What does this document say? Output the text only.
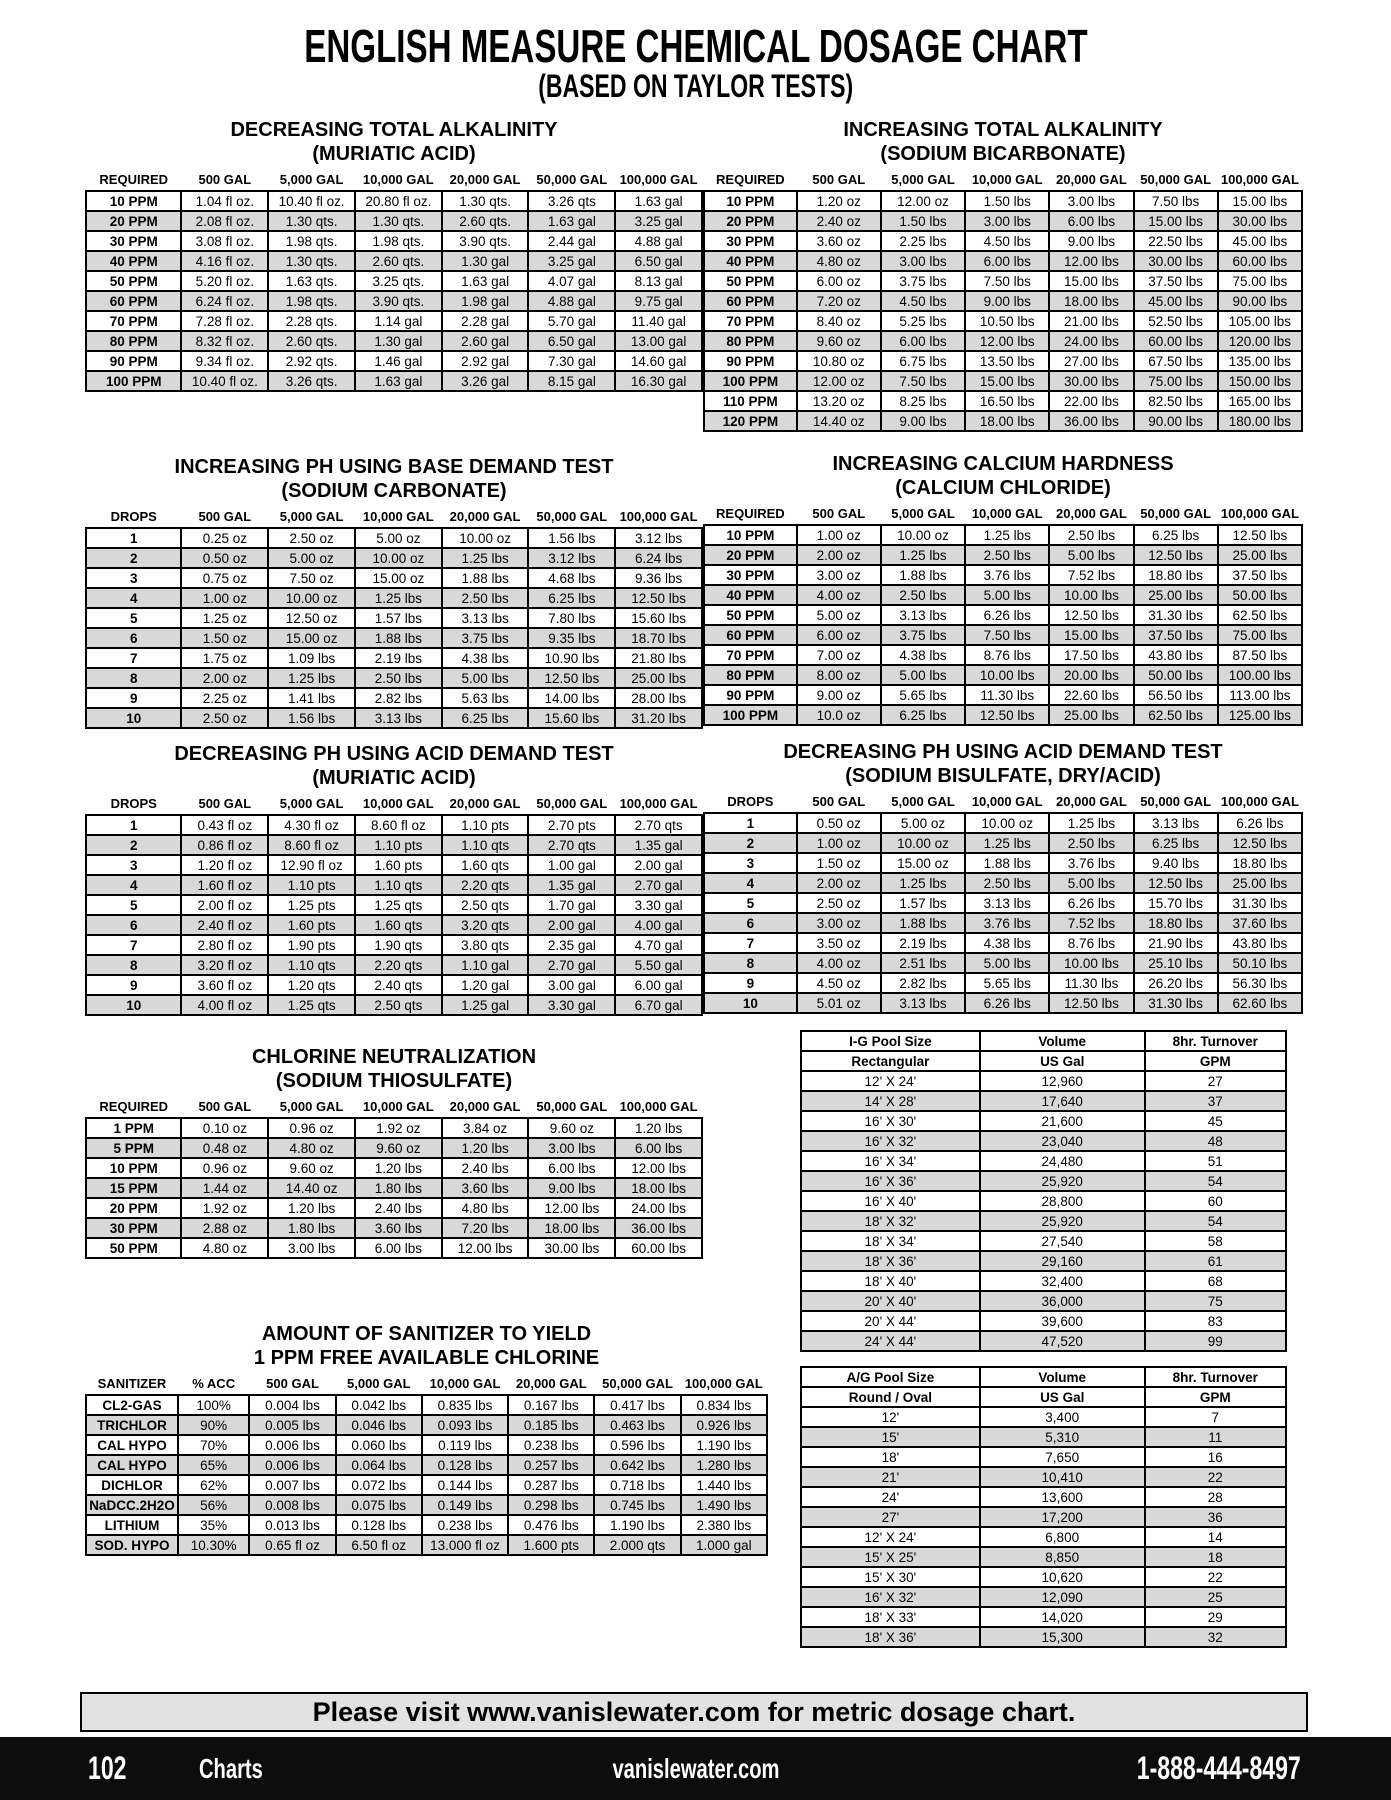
ENGLISH MEASURE CHEMICAL DOSAGE CHART
(BASED ON TAYLOR TESTS)
DECREASING TOTAL ALKALINITY
(MURIATIC ACID)
REQUIRED	500 GAL	5,000 GAL	10,000 GAL	20,000 GAL	50,000 GAL	100,000 GAL
10 PPM	1.04 fl oz.	10.40 fl oz.	20.80 fl oz.	1.30 qts.	3.26 qts	1.63 gal
20 PPM	2.08 fl oz.	1.30 qts.	1.30 qts.	2.60 qts.	1.63 gal	3.25 gal
30 PPM	3.08 fl oz.	1.98 qts.	1.98 qts.	3.90 qts.	2.44 gal	4.88 gal
40 PPM	4.16 fl oz.	1.30 qts.	2.60 qts.	1.30 gal	3.25 gal	6.50 gal
50 PPM	5.20 fl oz.	1.63 qts.	3.25 qts.	1.63 gal	4.07 gal	8.13 gal
60 PPM	6.24 fl oz.	1.98 qts.	3.90 qts.	1.98 gal	4.88 gal	9.75 gal
70 PPM	7.28 fl oz.	2.28 qts.	1.14 gal	2.28 gal	5.70 gal	11.40 gal
80 PPM	8.32 fl oz.	2.60 qts.	1.30 gal	2.60 gal	6.50 gal	13.00 gal
90 PPM	9.34 fl oz.	2.92 qts.	1.46 gal	2.92 gal	7.30 gal	14.60 gal
100 PPM	10.40 fl oz.	3.26 qts.	1.63 gal	3.26 gal	8.15 gal	16.30 gal
INCREASING PH USING BASE DEMAND TEST
(SODIUM CARBONATE)
DROPS	500 GAL	5,000 GAL	10,000 GAL	20,000 GAL	50,000 GAL	100,000 GAL
1	0.25 oz	2.50 oz	5.00 oz	10.00 oz	1.56 lbs	3.12 lbs
2	0.50 oz	5.00 oz	10.00 oz	1.25 lbs	3.12 lbs	6.24 lbs
3	0.75 oz	7.50 oz	15.00 oz	1.88 lbs	4.68 lbs	9.36 lbs
4	1.00 oz	10.00 oz	1.25 lbs	2.50 lbs	6.25 lbs	12.50 lbs
5	1.25 oz	12.50 oz	1.57 lbs	3.13 lbs	7.80 lbs	15.60 lbs
6	1.50 oz	15.00 oz	1.88 lbs	3.75 lbs	9.35 lbs	18.70 lbs
7	1.75 oz	1.09 lbs	2.19 lbs	4.38 lbs	10.90 lbs	21.80 lbs
8	2.00 oz	1.25 lbs	2.50 lbs	5.00 lbs	12.50 lbs	25.00 lbs
9	2.25 oz	1.41 lbs	2.82 lbs	5.63 lbs	14.00 lbs	28.00 lbs
10	2.50 oz	1.56 lbs	3.13 lbs	6.25 lbs	15.60 lbs	31.20 lbs
DECREASING PH USING ACID DEMAND TEST
(MURIATIC ACID)
DROPS	500 GAL	5,000 GAL	10,000 GAL	20,000 GAL	50,000 GAL	100,000 GAL
1	0.43 fl oz	4.30 fl oz	8.60 fl oz	1.10 pts	2.70 pts	2.70 qts
2	0.86 fl oz	8.60 fl oz	1.10 pts	1.10 qts	2.70 qts	1.35 gal
3	1.20 fl oz	12.90 fl oz	1.60 pts	1.60 qts	1.00 gal	2.00 gal
4	1.60 fl oz	1.10 pts	1.10 qts	2.20 qts	1.35 gal	2.70 gal
5	2.00 fl oz	1.25 pts	1.25 qts	2.50 qts	1.70 gal	3.30 gal
6	2.40 fl oz	1.60 pts	1.60 qts	3.20 qts	2.00 gal	4.00 gal
7	2.80 fl oz	1.90 pts	1.90 qts	3.80 qts	2.35 gal	4.70 gal
8	3.20 fl oz	1.10 qts	2.20 qts	1.10 gal	2.70 gal	5.50 gal
9	3.60 fl oz	1.20 qts	2.40 qts	1.20 gal	3.00 gal	6.00 gal
10	4.00 fl oz	1.25 qts	2.50 qts	1.25 gal	3.30 gal	6.70 gal
CHLORINE NEUTRALIZATION
(SODIUM THIOSULFATE)
REQUIRED	500 GAL	5,000 GAL	10,000 GAL	20,000 GAL	50,000 GAL	100,000 GAL
1 PPM	0.10 oz	0.96 oz	1.92 oz	3.84 oz	9.60 oz	1.20 lbs
5 PPM	0.48 oz	4.80 oz	9.60 oz	1.20 lbs	3.00 lbs	6.00 lbs
10 PPM	0.96 oz	9.60 oz	1.20 lbs	2.40 lbs	6.00 lbs	12.00 lbs
15 PPM	1.44 oz	14.40 oz	1.80 lbs	3.60 lbs	9.00 lbs	18.00 lbs
20 PPM	1.92 oz	1.20 lbs	2.40 lbs	4.80 lbs	12.00 lbs	24.00 lbs
30 PPM	2.88 oz	1.80 lbs	3.60 lbs	7.20 lbs	18.00 lbs	36.00 lbs
50 PPM	4.80 oz	3.00 lbs	6.00 lbs	12.00 lbs	30.00 lbs	60.00 lbs
AMOUNT OF SANITIZER TO YIELD
1 PPM FREE AVAILABLE CHLORINE
SANITIZER	% ACC	500 GAL	5,000 GAL	10,000 GAL	20,000 GAL	50,000 GAL	100,000 GAL
CL2-GAS	100%	0.004 lbs	0.042 lbs	0.835 lbs	0.167 lbs	0.417 lbs	0.834 lbs
TRICHLOR	90%	0.005 lbs	0.046 lbs	0.093 lbs	0.185 lbs	0.463 lbs	0.926 lbs
CAL HYPO	70%	0.006 lbs	0.060 lbs	0.119 lbs	0.238 lbs	0.596 lbs	1.190 lbs
CAL HYPO	65%	0.006 lbs	0.064 lbs	0.128 lbs	0.257 lbs	0.642 lbs	1.280 lbs
DICHLOR	62%	0.007 lbs	0.072 lbs	0.144 lbs	0.287 lbs	0.718 lbs	1.440 lbs
NaDCC.2H2O	56%	0.008 lbs	0.075 lbs	0.149 lbs	0.298 lbs	0.745 lbs	1.490 lbs
LITHIUM	35%	0.013 lbs	0.128 lbs	0.238 lbs	0.476 lbs	1.190 lbs	2.380 lbs
SOD. HYPO	10.30%	0.65 fl oz	6.50 fl oz	13.000 fl oz	1.600 pts	2.000 qts	1.000 gal
INCREASING TOTAL ALKALINITY
(SODIUM BICARBONATE)
REQUIRED	500 GAL	5,000 GAL	10,000 GAL	20,000 GAL	50,000 GAL	100,000 GAL
10 PPM	1.20 oz	12.00 oz	1.50 lbs	3.00 lbs	7.50 lbs	15.00 lbs
20 PPM	2.40 oz	1.50 lbs	3.00 lbs	6.00 lbs	15.00 lbs	30.00 lbs
30 PPM	3.60 oz	2.25 lbs	4.50 lbs	9.00 lbs	22.50 lbs	45.00 lbs
40 PPM	4.80 oz	3.00 lbs	6.00 lbs	12.00 lbs	30.00 lbs	60.00 lbs
50 PPM	6.00 oz	3.75 lbs	7.50 lbs	15.00 lbs	37.50 lbs	75.00 lbs
60 PPM	7.20 oz	4.50 lbs	9.00 lbs	18.00 lbs	45.00 lbs	90.00 lbs
70 PPM	8.40 oz	5.25 lbs	10.50 lbs	21.00 lbs	52.50 lbs	105.00 lbs
80 PPM	9.60 oz	6.00 lbs	12.00 lbs	24.00 lbs	60.00 lbs	120.00 lbs
90 PPM	10.80 oz	6.75 lbs	13.50 lbs	27.00 lbs	67.50 lbs	135.00 lbs
100 PPM	12.00 oz	7.50 lbs	15.00 lbs	30.00 lbs	75.00 lbs	150.00 lbs
110 PPM	13.20 oz	8.25 lbs	16.50 lbs	22.00 lbs	82.50 lbs	165.00 lbs
120 PPM	14.40 oz	9.00 lbs	18.00 lbs	36.00 lbs	90.00 lbs	180.00 lbs
INCREASING CALCIUM HARDNESS
(CALCIUM CHLORIDE)
REQUIRED	500 GAL	5,000 GAL	10,000 GAL	20,000 GAL	50,000 GAL	100,000 GAL
10 PPM	1.00 oz	10.00 oz	1.25 lbs	2.50 lbs	6.25 lbs	12.50 lbs
20 PPM	2.00 oz	1.25 lbs	2.50 lbs	5.00 lbs	12.50 lbs	25.00 lbs
30 PPM	3.00 oz	1.88 lbs	3.76 lbs	7.52 lbs	18.80 lbs	37.50 lbs
40 PPM	4.00 oz	2.50 lbs	5.00 lbs	10.00 lbs	25.00 lbs	50.00 lbs
50 PPM	5.00 oz	3.13 lbs	6.26 lbs	12.50 lbs	31.30 lbs	62.50 lbs
60 PPM	6.00 oz	3.75 lbs	7.50 lbs	15.00 lbs	37.50 lbs	75.00 lbs
70 PPM	7.00 oz	4.38 lbs	8.76 lbs	17.50 lbs	43.80 lbs	87.50 lbs
80 PPM	8.00 oz	5.00 lbs	10.00 lbs	20.00 lbs	50.00 lbs	100.00 lbs
90 PPM	9.00 oz	5.65 lbs	11.30 lbs	22.60 lbs	56.50 lbs	113.00 lbs
100 PPM	10.0 oz	6.25 lbs	12.50 lbs	25.00 lbs	62.50 lbs	125.00 lbs
DECREASING PH USING ACID DEMAND TEST
(SODIUM BISULFATE, DRY/ACID)
DROPS	500 GAL	5,000 GAL	10,000 GAL	20,000 GAL	50,000 GAL	100,000 GAL
1	0.50 oz	5.00 oz	10.00 oz	1.25 lbs	3.13 lbs	6.26 lbs
2	1.00 oz	10.00 oz	1.25 lbs	2.50 lbs	6.25 lbs	12.50 lbs
3	1.50 oz	15.00 oz	1.88 lbs	3.76 lbs	9.40 lbs	18.80 lbs
4	2.00 oz	1.25 lbs	2.50 lbs	5.00 lbs	12.50 lbs	25.00 lbs
5	2.50 oz	1.57 lbs	3.13 lbs	6.26 lbs	15.70 lbs	31.30 lbs
6	3.00 oz	1.88 lbs	3.76 lbs	7.52 lbs	18.80 lbs	37.60 lbs
7	3.50 oz	2.19 lbs	4.38 lbs	8.76 lbs	21.90 lbs	43.80 lbs
8	4.00 oz	2.51 lbs	5.00 lbs	10.00 lbs	25.10 lbs	50.10 lbs
9	4.50 oz	2.82 lbs	5.65 lbs	11.30 lbs	26.20 lbs	56.30 lbs
10	5.01 oz	3.13 lbs	6.26 lbs	12.50 lbs	31.30 lbs	62.60 lbs
I-G Pool Size	Volume	8hr. Turnover
Rectangular	US Gal	GPM
12' X 24'	12,960	27
14' X 28'	17,640	37
16' X 30'	21,600	45
16' X 32'	23,040	48
16' X 34'	24,480	51
16' X 36'	25,920	54
16' X 40'	28,800	60
18' X 32'	25,920	54
18' X 34'	27,540	58
18' X 36'	29,160	61
18' X 40'	32,400	68
20' X 40'	36,000	75
20' X 44'	39,600	83
24' X 44'	47,520	99
A/G Pool Size	Volume	8hr. Turnover
Round / Oval	US Gal	GPM
12'	3,400	7
15'	5,310	11
18'	7,650	16
21'	10,410	22
24'	13,600	28
27'	17,200	36
12' X 24'	6,800	14
15' X 25'	8,850	18
15' X 30'	10,620	22
16' X 32'	12,090	25
18' X 33'	14,020	29
18' X 36'	15,300	32
Please visit www.vanislewater.com for metric dosage chart.
102	Charts	vanislewater.com	1-888-444-8497
